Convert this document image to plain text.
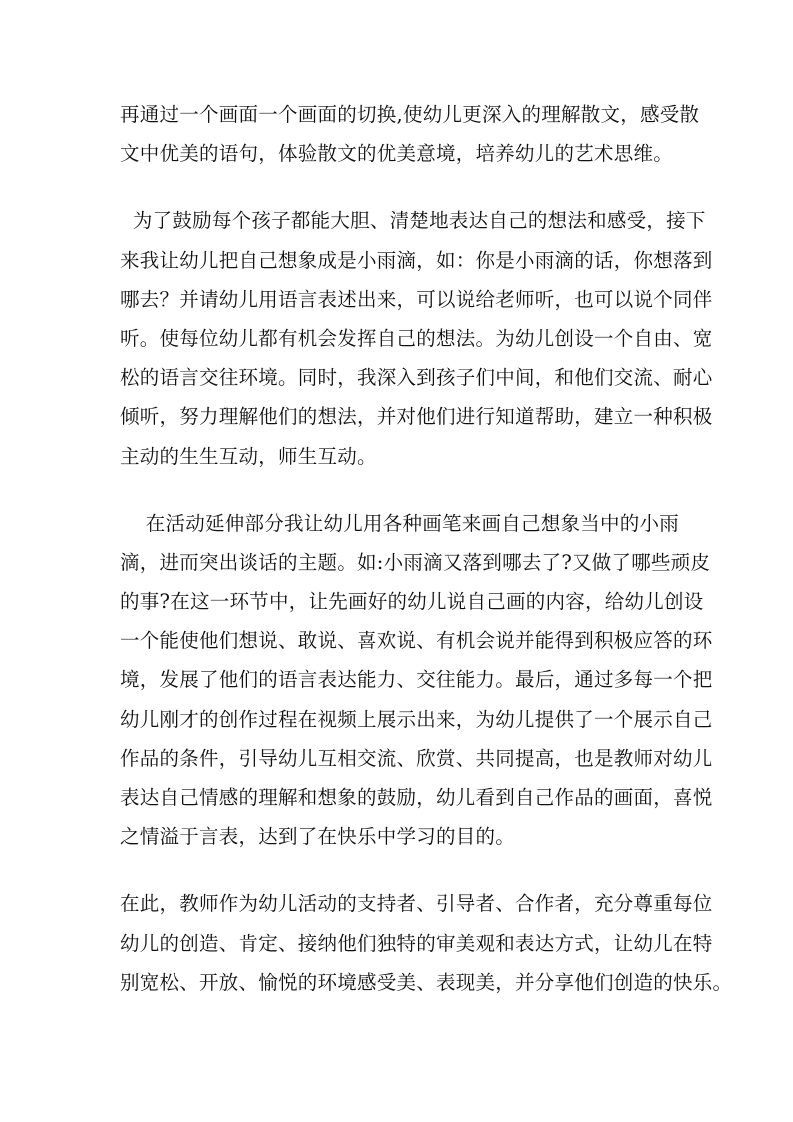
再通过一个画面一个画面的切换,使幼儿更深入的理解散文，感受散
文中优美的语句，体验散文的优美意境，培养幼儿的艺术思维。
为了鼓励每个孩子都能大胆、清楚地表达自己的想法和感受，接下
来我让幼儿把自己想象成是小雨滴，如：你是小雨滴的话，你想落到
哪去？并请幼儿用语言表述出来，可以说给老师听，也可以说个同伴
听。使每位幼儿都有机会发挥自己的想法。为幼儿创设一个自由、宽
松的语言交往环境。同时，我深入到孩子们中间，和他们交流、耐心
倾听，努力理解他们的想法，并对他们进行知道帮助，建立一种积极
主动的生生互动，师生互动。
在活动延伸部分我让幼儿用各种画笔来画自己想象当中的小雨
滴，进而突出谈话的主题。如:小雨滴又落到哪去了?又做了哪些顽皮
的事?在这一环节中，让先画好的幼儿说自己画的内容，给幼儿创设
一个能使他们想说、敢说、喜欢说、有机会说并能得到积极应答的环
境，发展了他们的语言表达能力、交往能力。最后，通过多每一个把
幼儿刚才的创作过程在视频上展示出来，为幼儿提供了一个展示自己
作品的条件，引导幼儿互相交流、欣赏、共同提高，也是教师对幼儿
表达自己情感的理解和想象的鼓励，幼儿看到自己作品的画面，喜悦
之情溢于言表，达到了在快乐中学习的目的。
在此，教师作为幼儿活动的支持者、引导者、合作者，充分尊重每位
幼儿的创造、肯定、接纳他们独特的审美观和表达方式，让幼儿在特
别宽松、开放、愉悦的环境感受美、表现美，并分享他们创造的快乐。
